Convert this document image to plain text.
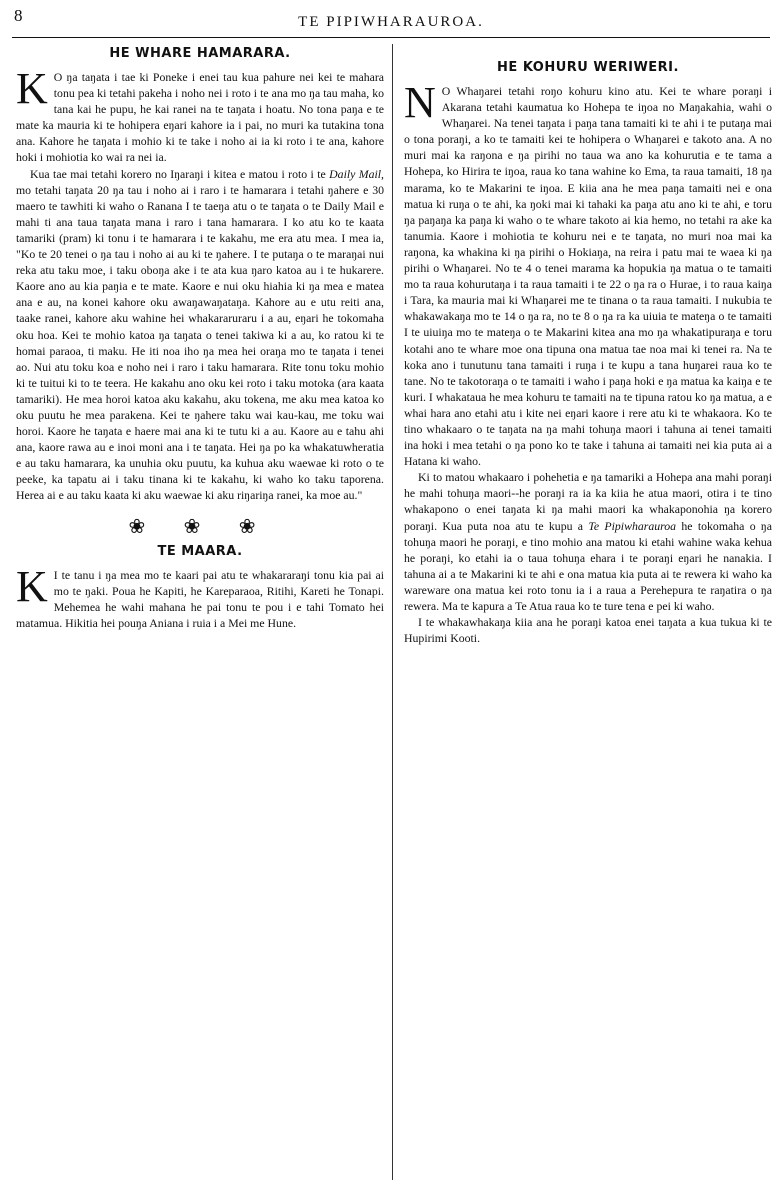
8	TE PIPIWHARAUROA.
HE WHARE HAMARARA.

K O ŋa taŋata i tae ki Poneke i enei tau kua pahure nei kei te mahara tonu pea ki tetahi pakeha i noho nei i roto i te ana mo ŋa tau maha, ko tana kai he pupu, he kai ranei na te taŋata i hoatu. No tona paŋa e te mate ka mauria ki te hohipera eŋari kahore ia i pai, no muri ka tutakina tona ana. Kahore he taŋata i mohio ki te take i noho ai ia ki roto i te ana, kahore hoki i mohiotia ko wai ra nei ia.

Kua tae mai tetahi korero no Iŋaraŋi i kitea e matou i roto i te Daily Mail, mo tetahi taŋata 20 ŋa tau i noho ai i raro i te hamarara i tetahi ŋahere e 30 maero te tawhiti ki waho o Ranana I te taeŋa atu o te taŋata o te Daily Mail e mahi ti ana taua taŋata mana i raro i tana hamarara. I ko atu ko te kaata tamariki (pram) ki tonu i te hamarara i te kakahu, me era atu mea. I mea ia, "Ko te 20 tenei o ŋa tau i noho ai au ki te ŋahere. I te putaŋa o te maraŋai nui reka atu taku moe, i taku oboŋa ake i te ata kua ŋaro katoa au i te hukarere. Kaore ano au kia paŋia e te mate. Kaore e nui oku hiahia ki ŋa mea e matea ana e au, na konei kahore oku awaŋawaŋataŋa. Kahore au e utu reiti ana, taake ranei, kahore aku wahine hei whakararuraru i a au, eŋari he tokomaha oku hoa. Kei te mohio katoa ŋa taŋata o tenei takiwa ki a au, ko ratou ki te homai paraoa, ti maku. He iti noa iho ŋa mea hei oraŋa mo te taŋata i tenei ao. Nui atu toku koa e noho nei i raro i taku hamarara. Rite tonu toku mohio ki te tuitui ki to te teera. He kakahu ano oku kei roto i taku motoka (ara kaata tamariki). He mea horoi katoa aku kakahu, aku tokena, me aku mea katoa ko oku puutu he mea parakena. Kei te ŋahere taku wai kau-kau, me toku wai horoi. Kaore he taŋata e haere mai ana ki te tutu ki a au. Kaore au e tahu ahi ana, kaore rawa au e inoi moni ana i te taŋata. Hei ŋa po ka whakatuwheratia e au taku hamarara, ka unuhia oku puutu, ka kuhua aku waewae ki roto o te peeke, ka tapatu ai i taku tinana ki te kakahu, ki waho ko taku taporena. Herea ai e au taku kaata ki aku waewae ki aku riŋariŋa ranei, ka moe au."

❀ ❀ ❀
TE MAARA.

K I te tanu i ŋa mea mo te kaari pai atu te whakararaŋi tonu kia pai ai mo te ŋaki. Poua he Kapiti, he Kareparaoa, Ritihi, Kareti he Tonapi. Mehemea he wahi mahana he pai tonu te pou i e tahi Tomato hei matamua. Hikitia hei pouŋa Aniana i ruia i a Mei me Hune.

HE KOHURU WERIWERI.

N O Whaŋarei tetahi roŋo kohuru kino atu. Kei te whare poraŋi i Akarana tetahi kaumatua ko Hohepa te iŋoa no Maŋakahia, wahi o Whaŋarei. Na tenei taŋata i paŋa tana tamaiti ki te ahi i te putaŋa mai o tona poraŋi, a ko te tamaiti kei te hohipera o Whaŋarei e takoto ana. A no muri mai ka raŋona e ŋa pirihi no taua wa ano ka kohurutia e te tama a Hohepa, ko Hirira te iŋoa, raua ko tana wahine ko Ema, ta raua tamaiti, 18 ŋa marama, ko te Makarini te iŋoa. E kiia ana he mea paŋa tamaiti nei e ona matua ki ruŋa o te ahi, ka ŋoki mai ki tahaki ka paŋa atu ano ki te ahi, e toru ŋa paŋaŋa ka paŋa ki waho o te whare takoto ai kia hemo, no tetahi ra ake ka tanumia. Kaore i mohiotia te kohuru nei e te taŋata, no muri noa mai ka raŋona, ka whakina ki ŋa pirihi o Hokiaŋa, na reira i patu mai te waea ki ŋa pirihi o Whaŋarei. No te 4 o tenei marama ka hopukia ŋa matua o te tamaiti mo ta raua kohurutaŋa i ta raua tamaiti i te 22 o ŋa ra o Hurae, i to raua kaiŋa i Tara, ka mauria mai ki Whaŋarei me te tinana o ta raua tamaiti. I nukubia te whakawakaŋa mo te 14 o ŋa ra, no te 8 o ŋa ra ka uiuia te mateŋa o te tamaiti I te uiuiŋa mo te mateŋa o te Makarini kitea ana mo ŋa whakatipuraŋa e toru kotahi ano te whare moe ona tipuna ona matua tae noa mai ki tenei ra. Na te koka ano i tunutunu tana tamaiti i ruŋa i te kupu a tana huŋarei raua ko te tane. No te takotoraŋa o te tamaiti i waho i paŋa hoki e ŋa matua ka kaiŋa e te kuri. I whakataua he mea kohuru te tamaiti na te tipuna ratou ko ŋa matua, a e whai hara ano etahi atu i kite nei eŋari kaore i rere atu ki te whakaora. Ko te tino whakaaro o te taŋata na ŋa mahi tohuŋa maori i tahuna ai tenei tamaiti ina hoki i mea tetahi o ŋa pono ko te take i tahuna ai tamaiti nei kia puta ai a Hatana ki waho.

Ki to matou whakaaro i pohehetia e ŋa tamariki a Hohepa ana mahi poraŋi he mahi tohuŋa maori--he poraŋi ra ia ka kiia he atua maori, otira i te tino whakapono o enei taŋata ki ŋa mahi maori ka whakaponohia ŋa korero poraŋi. Kua puta noa atu te kupu a Te Pipiwharauroa he tokomaha o ŋa tohuŋa maori he poraŋi, e tino mohio ana matou ki etahi wahine waka kehua he poraŋi, ko etahi ia o taua tohuŋa ehara i te poraŋi eŋari he nanakia. I tahuna ai a te Makarini ki te ahi e ona matua kia puta ai te rewera ki waho ka wareware ona matua kei roto tonu ia i a raua a Perehepura te raŋatira o ŋa rewera. Ma te kapura a Te Atua raua ko te ture tena e pei ki waho.

I te whakawhakaŋa kiia ana he poraŋi katoa enei taŋata a kua tukua ki te Hupirimi Kooti.
